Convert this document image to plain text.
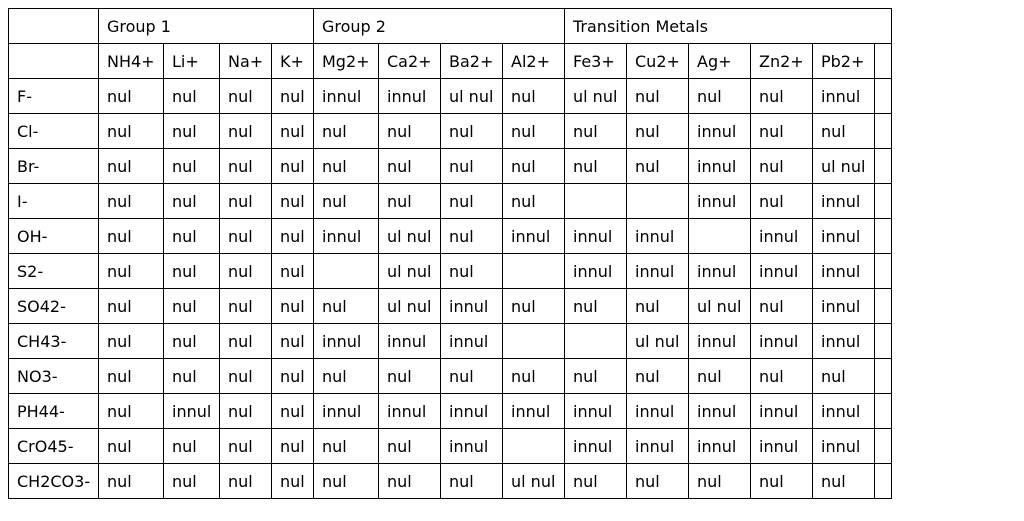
	Group 1				Group 2				Transition Metals					
	NH4+	Li+	Na+	K+	Mg2+	Ca2+	Ba2+	Al2+	Fe3+	Cu2+	Ag+	Zn2+	Pb2+	
F-	nul	nul	nul	nul	innul	innul	ul nul	nul	ul nul	nul	nul	nul	innul	
Cl-	nul	nul	nul	nul	nul	nul	nul	nul	nul	nul	innul	nul	nul	
Br-	nul	nul	nul	nul	nul	nul	nul	nul	nul	nul	innul	nul	ul nul	
I-	nul	nul	nul	nul	nul	nul	nul	nul			innul	nul	innul	
OH-	nul	nul	nul	nul	innul	ul nul	nul	innul	innul	innul		innul	innul	
S2-	nul	nul	nul	nul		ul nul	nul		innul	innul	innul	innul	innul	
SO42-	nul	nul	nul	nul	nul	ul nul	innul	nul	nul	nul	ul nul	nul	innul	
CH43-	nul	nul	nul	nul	innul	innul	innul			ul nul	innul	innul	innul	
NO3-	nul	nul	nul	nul	nul	nul	nul	nul	nul	nul	nul	nul	nul	
PH44-	nul	innul	nul	nul	innul	innul	innul	innul	innul	innul	innul	innul	innul	
CrO45-	nul	nul	nul	nul	nul	nul	innul		innul	innul	innul	innul	innul	
CH2CO3-	nul	nul	nul	nul	nul	nul	nul	ul nul	nul	nul	nul	nul	nul	
